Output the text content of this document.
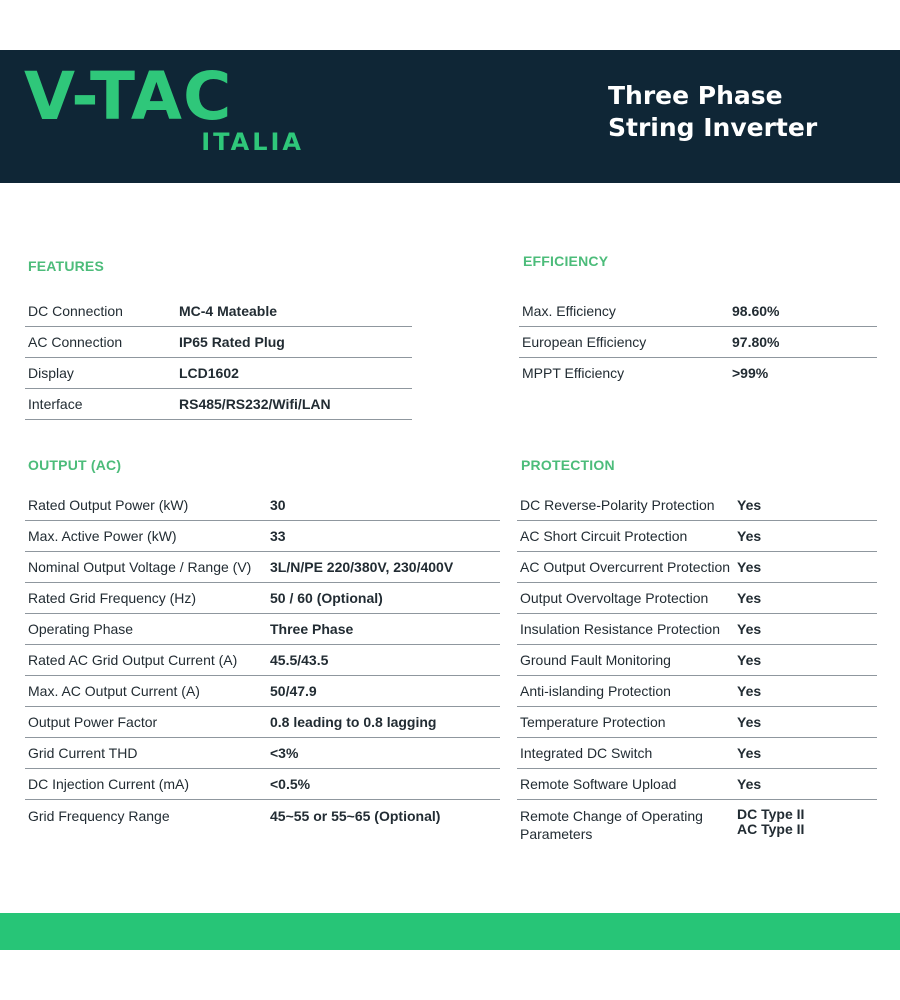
V-TAC
ITALIA
Three Phase
String Inverter
FEATURES
DC Connection	MC-4 Mateable
AC Connection	IP65 Rated Plug
Display	LCD1602
Interface	RS485/RS232/Wifi/LAN
EFFICIENCY
Max. Efficiency	98.60%
European Efficiency	97.80%
MPPT Efficiency	>99%
OUTPUT (AC)
Rated Output Power (kW)	30
Max. Active Power (kW)	33
Nominal Output Voltage / Range (V)	3L/N/PE 220/380V, 230/400V
Rated Grid Frequency (Hz)	50 / 60 (Optional)
Operating Phase	Three Phase
Rated AC Grid Output Current (A)	45.5/43.5
Max. AC Output Current (A)	50/47.9
Output Power Factor	0.8 leading to 0.8 lagging
Grid Current THD	<3%
DC Injection Current (mA)	<0.5%
Grid Frequency Range	45~55 or 55~65 (Optional)
PROTECTION
DC Reverse-Polarity Protection	Yes
AC Short Circuit Protection	Yes
AC Output Overcurrent Protection	Yes
Output Overvoltage Protection	Yes
Insulation Resistance Protection	Yes
Ground Fault Monitoring	Yes
Anti-islanding Protection	Yes
Temperature Protection	Yes
Integrated DC Switch	Yes
Remote Software Upload	Yes

Remote Change of Operating
Parameters	DC Type II
AC Type II
